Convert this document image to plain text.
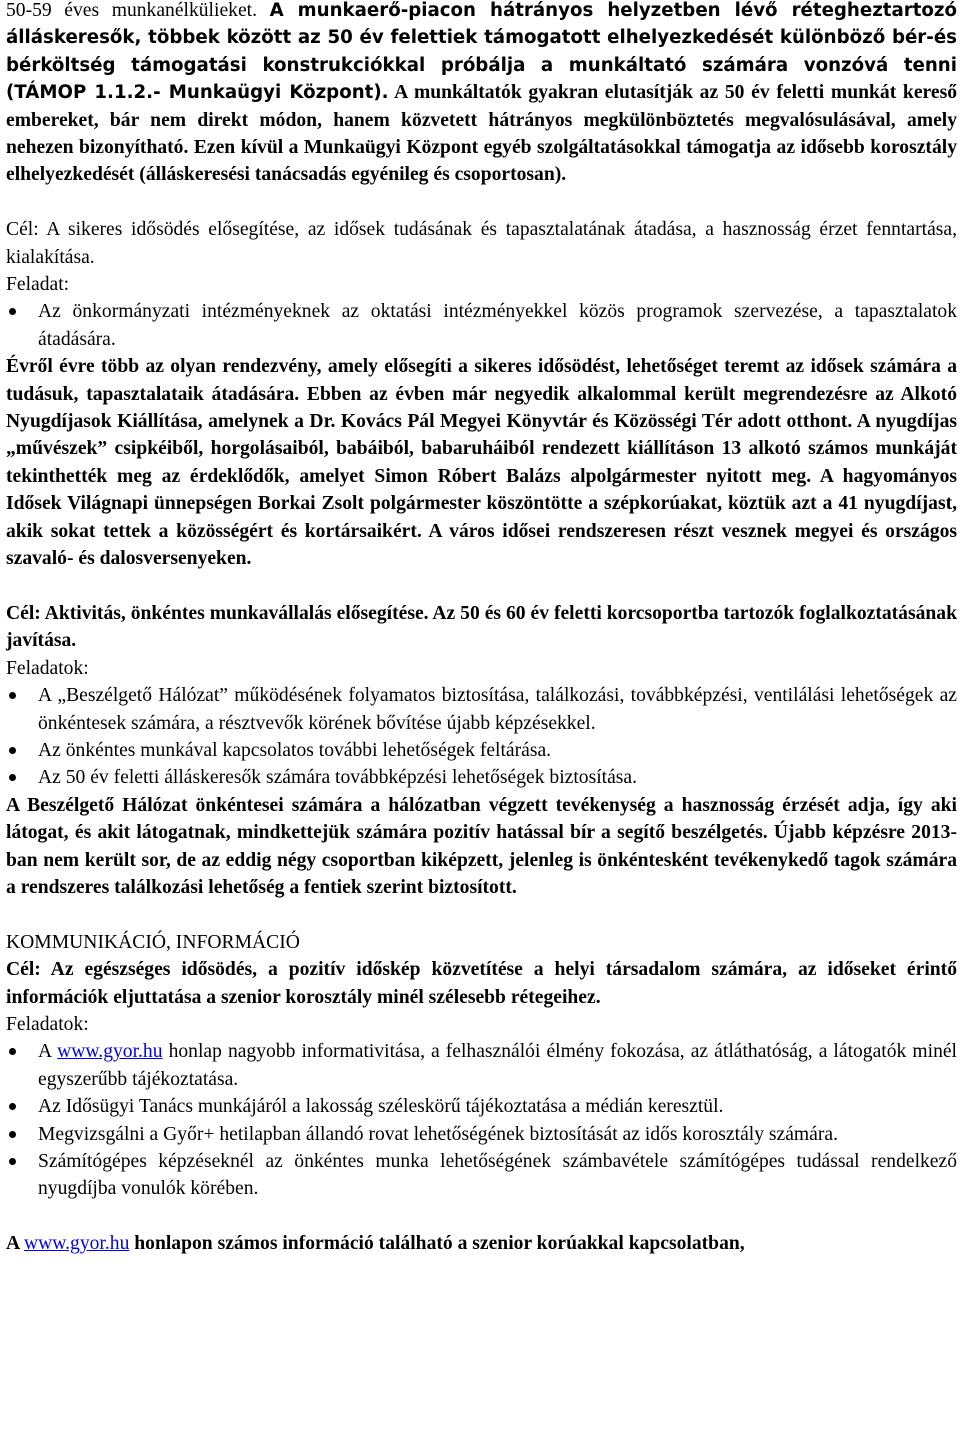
50-59 éves munkanélkülieket. A munkaerő-piacon hátrányos helyzetben lévő rétegheztartozó álláskeresők, többek között az 50 év felettiek támogatott elhelyezkedését különböző bér-és bérköltség támogatási konstrukciókkal próbálja a munkáltató számára vonzóvá tenni (TÁMOP 1.1.2.- Munkaügyi Központ). A munkáltatók gyakran elutasítják az 50 év feletti munkát kereső embereket, bár nem direkt módon, hanem közvetett hátrányos megkülönböztetés megvalósulásával, amely nehezen bizonyítható. Ezen kívül a Munkaügyi Központ egyéb szolgáltatásokkal támogatja az idősebb korosztály elhelyezkedését (álláskeresési tanácsadás egyénileg és csoportosan).

Cél: A sikeres idősödés elősegítése, az idősek tudásának és tapasztalatának átadása, a hasznosság érzet fenntartása, kialakítása.

Feladat:

Az önkormányzati intézményeknek az oktatási intézményekkel közös programok szervezése, a tapasztalatok átadására.

Évről évre több az olyan rendezvény, amely elősegíti a sikeres idősödést, lehetőséget teremt az idősek számára a tudásuk, tapasztalataik átadására. Ebben az évben már negyedik alkalommal került megrendezésre az Alkotó Nyugdíjasok Kiállítása, amelynek a Dr. Kovács Pál Megyei Könyvtár és Közösségi Tér adott otthont. A nyugdíjas „művészek” csipkéiből, horgolásaiból, babáiból, babaruháiból rendezett kiállításon 13 alkotó számos munkáját tekinthették meg az érdeklődők, amelyet Simon Róbert Balázs alpolgármester nyitott meg. A hagyományos Idősek Világnapi ünnepségen Borkai Zsolt polgármester köszöntötte a szépkorúakat, köztük azt a 41 nyugdíjast, akik sokat tettek a közösségért és kortársaikért. A város idősei rendszeresen részt vesznek megyei és országos szavaló- és dalosversenyeken.

Cél: Aktivitás, önkéntes munkavállalás elősegítése. Az 50 és 60 év feletti korcsoportba tartozók foglalkoztatásának javítása.

Feladatok:

A „Beszélgető Hálózat” működésének folyamatos biztosítása, találkozási, továbbképzési, ventilálási lehetőségek az önkéntesek számára, a résztvevők körének bővítése újabb képzésekkel.
Az önkéntes munkával kapcsolatos további lehetőségek feltárása.
Az 50 év feletti álláskeresők számára továbbképzési lehetőségek biztosítása.

A Beszélgető Hálózat önkéntesei számára a hálózatban végzett tevékenység a hasznosság érzését adja, így aki látogat, és akit látogatnak, mindkettejük számára pozitív hatással bír a segítő beszélgetés. Újabb képzésre 2013-ban nem került sor, de az eddig négy csoportban kiképzett, jelenleg is önkéntesként tevékenykedő tagok számára a rendszeres találkozási lehetőség a fentiek szerint biztosított.

KOMMUNIKÁCIÓ, INFORMÁCIÓ

Cél: Az egészséges idősödés, a pozitív időskép közvetítése a helyi társadalom számára, az időseket érintő információk eljuttatása a szenior korosztály minél szélesebb rétegeihez.

Feladatok:

A www.gyor.hu honlap nagyobb informativitása, a felhasználói élmény fokozása, az átláthatóság, a látogatók minél egyszerűbb tájékoztatása.
Az Idősügyi Tanács munkájáról a lakosság széleskörű tájékoztatása a médián keresztül.
Megvizsgálni a Győr+ hetilapban állandó rovat lehetőségének biztosítását az idős korosztály számára.
Számítógépes képzéseknél az önkéntes munka lehetőségének számbavétele számítógépes tudással rendelkező nyugdíjba vonulók körében.

A www.gyor.hu honlapon számos információ található a szenior korúakkal kapcsolatban,
